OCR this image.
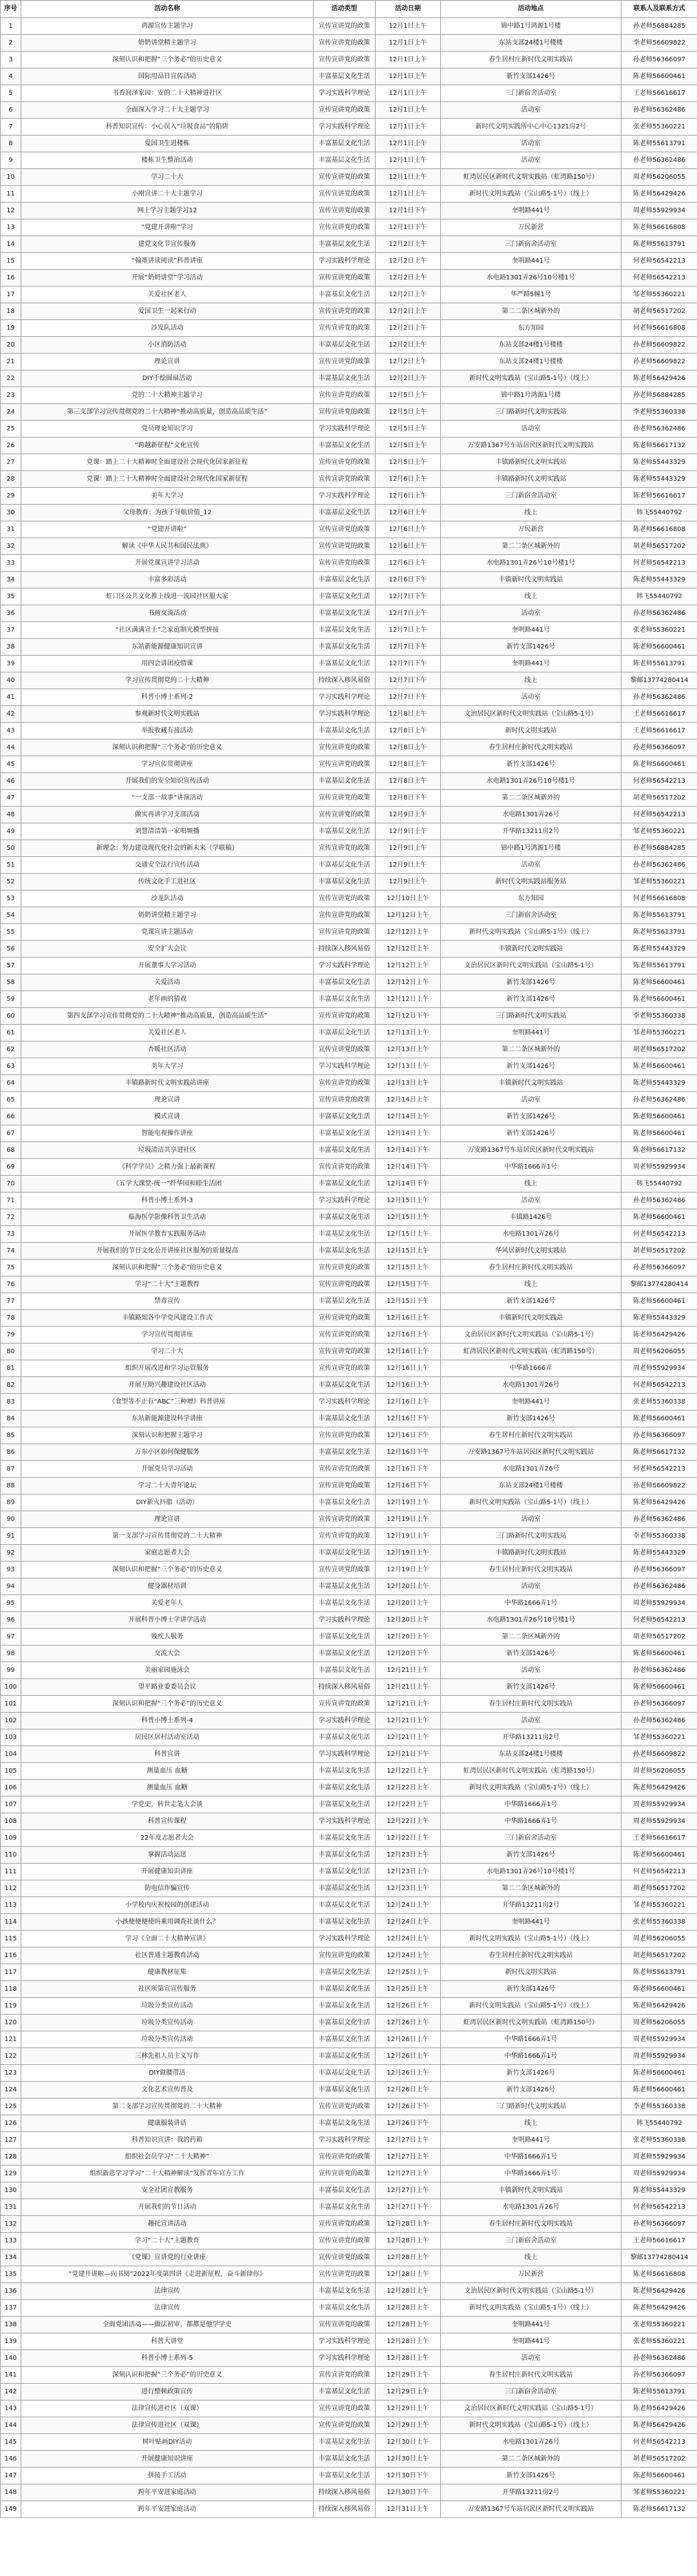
序号	活动名称	活动类型	活动日期	活动地点	联系人及联系方式
1	鸿源宣传主题学习	宣传宣讲党的政策	12月1日上午	锦中路1号鸿源1号楼	孙老师56884285
2	奶奶讲堂精主题学习	宣传宣讲党的政策	12月1日上午	东站支部24楼1号楼楼	李老师56609822
3	深刻认识和把握“三个务必”的历史意义	宣传宣讲党的政策	12月1日上午	春生居村庄新时代文明实践站	孙老师56366097
4	国际用品日宣传活动	丰富基层文化生活	12月1日上午	新竹支部1426号	陈老师56600461
5	书香润泽家园：安的二十大精神进社区	学习实践科学理论	12月1日上午	三门新宿舍活动室	王老师56616617
6	全面深入学习二十大主题学习	宣传宣讲党的政策	12月1日上午	活动室	孙老师56362486
7	科普知识宣传：小心误入“垃圾食品”的陷阱	学习实践科学理论	12月1日上午	新时代文明实践所中心中心1321房2号	张老师55360221
8	爱国卫生进楼栋	丰富基层文化生活	12月1日上午	活动室	陈老师55613791
9	楼栋卫生整治活动	丰富基层文化生活	12月1日上午	活动室	孙老师56362486
10	学习二十大	宣传宣讲党的政策	12月1日上午	虹湾居民区新时代文明实践站（虹湾路150号）	周老师56206055
11	小刚宣讲二十大主题学习	宣传宣讲党的政策	12月1日上午	新时代文明实践站（宝山路5-1号）（线上）	陈老师56429426
12	网上学习主题学习12	宣传宣讲党的政策	12月1日下午	奎明路441号	周老师55929934
13	“党建开讲啦”学习	宣传宣讲党的政策	12月1日下午	万民新营	陈老师56616808
14	建党文化节宣传服务	丰富基层文化生活	12月2日上午	三门新宿舍活动室	陈老师55613791
15	“翰墨讲读阅读”科普讲座	学习实践科学理论	12月2日上午	奎明路441号	何老师56542213
16	开展“奶奶讲堂”学习活动	宣传宣讲党的政策	12月2日上午	水电路1301弄26号10号楼1号	何老师56542213
17	关爱社区老人	丰富基层文化生活	12月2日上午	华严路5幢1号	邹老师55360221
18	爱国卫生一起来行动	宣传宣讲党的政策	12月2日上午	第二二条区城新外的	胡老师56517202
19	沙发队活动	宣传宣讲党的政策	12月2日上午	东方知园	何老师56616808
20	小区消防活动	丰富基层文化生活	12月2日上午	东站支部24楼1号楼楼	孙老师56609822
21	理论宣讲	宣传宣讲党的政策	12月2日上午	东站支部24楼1号楼楼	孙老师56609822
22	DIY手绘圆扇活动	丰富基层文化生活	12月2日上午	新时代文明实践站（宝山路5-1号）（线上）	陈老师56429426
23	党的二十大精神主题学习	宣传宣讲党的政策	12月5日上午	锦中路1号鸿源1号楼	孙老师56884285
24	第三支部学习宣传贯彻党的二十大精神“推动高质量，创造高品质生活”	宣传宣讲党的政策	12月5日上午	三门路新时代文明实践站	李老师55360338
25	党员理论知识学习	学习实践科学理论	12月5日上午	活动室	孙老师56362486
26	“跨越新征程”文化宣传	丰富基层文化生活	12月5日上午	万安路1367号车站居民区新时代文明实践站	陈老师56617132
27	党课：踏上二十大精神时全面建设社会现代化国家新征程	宣传宣讲党的政策	12月5日上午	丰镇路新时代文明实践站	陈老师55443329
28	党课：踏上二十大精神时全面建设社会现代化国家新征程	宣传宣讲党的政策	12月6日上午	丰镇路新时代文明实践站	陈老师55443329
29	美年大学习	学习实践科学理论	12月6日上午	三门新宿舍活动室	陈老师56616617
30	父母教育：为孩子导航价值_12	丰富基层文化生活	12月6日上午	线上	韩飞55440792
31	“党建开讲啦”	宣传宣讲党的政策	12月6日上午	万民新营	陈老师56616808
32	解读《中华人民共和国民法典》	宣传宣讲党的政策	12月6日上午	第二二条区城新外的	胡老师56517202
33	开展党课宣讲学习活动	宣传宣讲党的政策	12月6日上午	水电路1301弄26号10号楼1号	何老师56542213
34	丰富多彩活动	丰富基层文化生活	12月6日下午	丰镇新时代文明实践站	陈老师55443329
35	虹口区公共文化推上线进一流园社区服大家	丰富基层文化生活	12月7日下午	线上	韩飞55440792
36	书画交流活动	丰富基层文化生活	12月7日上午	活动室	孙老师56362486
37	“社区满满宣士”之家庭制光模型拼接	丰富基层文化生活	12月7日上午	奎明路441号	张老师55360221
38	东站新能源健康知识宣讲	丰富基层文化生活	12月7日下午	新竹支部1426号	陈老师56600461
39	用四会讲团疫情课	丰富基层文化生活	12月7日下午	奎明路441号	陈老师55613791
40	学习宣传贯彻党的二十大精神	持续深入移风易俗	12月7日下午	线上	黎邮13774280414
41	科普小博士系列-2	学习实践科学理论	12月7日下午	活动室	孙老师56362486
42	参观新时代文明实践站	学习实践科学理论	12月8日上午	文治居民区新时代文明实践站（宝山路5-1号）	王老师56616617
43	举报收藏有接活动	丰富基层文化生活	12月8日上午	新时代文明实践站	王老师56616617
44	深刻认识和把握“三个务必”的历史意义	宣传宣讲党的政策	12月8日上午	春生居村庄新时代文明实践站	孙老师56366097
45	学习宣传贯彻讲座	宣传宣讲党的政策	12月8日上午	新竹支部1426号	陈老师56600461
46	开展我们的安全知识宣传活动	丰富基层文化生活	12月8日上午	水电路1301弄26号10号楼1号	何老师56542213
47	“一支部一故事”讲演活动	宣传宣讲党的政策	12月8日下午	第二二条区城新外的	胡老师56517202
48	做实再讲学习支部活动	宣传宣讲党的政策	12月9日上午	水电路1301弄26号	何老师56542213
49	刘慧清清第一家唱频播	丰富基层文化生活	12月9日上午	开华路13211房2号	邹老师55360221
50	新理念：努力建设现代化社会的新未来（学联稿）	宣传宣讲党的政策	12月9日上午	锦中路1号鸿源1号楼	孙老师56884285
51	交通安全法行宣传活动	丰富基层文化生活	12月9日上午	活动室	孙老师56362486
52	传统文化手工进社区	丰富基层文化生活	12月9日上午	新时代文明实践站服务站	邹老师55360221
53	沙龙队活动	宣传宣讲党的政策	12月10日上午	东方知园	何老师56616808
54	奶奶讲堂精主题学习	宣传宣讲党的政策	12月12日上午	三门新宿舍活动室	陈老师55613791
55	党课宣讲主题活动	宣传宣讲党的政策	12月12日上午	新时代文明实践站（宝山路5-1号）（线上）	陈老师55613791
56	安全扩大会议	持续深入移风易俗	12月12日上午	丰镇新时代文明实践站	陈老师55443329
57	开展董事大学习活动	学习实践科学理论	12月12日上午	文治居民区新时代文明实践站（宝山路5-1号）	陈老师55613791
58	关爱活动	丰富基层文化生活	12月12日上午	新竹支部1426号	陈老师56600461
59	老年画的猜戏	丰富基层文化生活	12月12日上午	新竹支部1426号	陈老师56600461
60	第四支部学习宣传贯彻党的二十大精神“推动高质量，创造高品质生活”	宣传宣讲党的政策	12月12日下午	三门路新时代文明实践站	李老师55360338
61	关爱社区老人	丰富基层文化生活	12月13日上午	奎明路441号	邹老师55360221
62	杏暖社区活动	宣传宣讲党的政策	12月13日上午	第二二条区城新外的	胡老师56517202
63	美年大学习	学习实践科学理论	12月13日上午	新竹支部1426号	陈老师56600461
64	丰镇路新时代文明实践站讲座	宣传宣讲党的政策	12月13日上午	丰镇新时代文明实践站	陈老师55443329
65	理论宣讲	宣传宣讲党的政策	12月14日上午	活动室	孙老师56362486
66	模式宣讲	丰富基层文化生活	12月14日上午	新竹支部1426号	陈老师56600461
67	智能电视操作讲座	丰富基层文化生活	12月14日上午	新竹支部1426号	陈老师56600461
68	垃圾清洁共享进社区	丰富基层文化生活	12月14日下午	万安路1367号车站居民区新时代文明实践站	陈老师56617132
69	《科学学员》之精力强上最新课程	宣传宣讲党的政策	12月14日下午	中华路1666弄1号	周老师55929934
70	《五学大课堂-统一”纤华园和睦生活团	丰富基层文化生活	12月14日下午	线上	韩飞55440792
71	科普小博士系列-3	学习实践科学理论	12月15日上午	活动室	孙老师56362486
72	临海医学影像科普卫生活动	丰富基层文化生活	12月15日上午	丰镇路1426号	陈老师56600461
73	开展医学教育实践服务活动	丰富基层文化生活	12月15日上午	水电路1301弄26号	何老师56542213
74	开展我们的节日文化公开讲座社区服务的质量提高	丰富基层文化生活	12月15日上午	华风居新时代文明实践站	胡老师56517202
75	深刻认识和把握“三个务必”的历史意义	宣传宣讲党的政策	12月15日上午	春生居村庄新时代文明实践站	孙老师56366097
76	学习“二十大”主题教育	宣传宣讲党的政策	12月15日下午	线上	黎邮13774280414
77	禁毒宣传	丰富基层文化生活	12月15日下午	新竹支部1426号	陈老师56600461
78	丰镇路知各中学党风建设工作式	宣传宣讲党的政策	12月16日上午	丰镇新时代文明实践站	陈老师55443329
79	学习宣传贯彻讲座	宣传宣讲党的政策	12月16日上午	文治居民区新时代文明实践站（宝山路5-1号）	陈老师56429426
80	学习二十大	宣传宣讲党的政策	12月16日上午	虹湾居民区新时代文明实践站（虹湾路150号）	周老师56206055
81	组织开展改进和学习运管服务	宣传宣讲党的政策	12月16日上午	中华路1666弄	周老师55929934
82	开展互助兴趣建设社区活动	丰富基层文化生活	12月16日上午	水电路1301弄26号	何老师56542213
83	《食型等不止有“ABC”三种增》科普讲座	学习实践科学理论	12月16日上午	奎明路441号	张老师55360338
84	东站新能源建设科学讲座	丰富基层文化生活	12月16日下午	新竹支部1426号	陈老师56600461
85	深刻认识和把握主题学习	宣传宣讲党的政策	12月16日下午	春生居村庄新时代文明实践站	孙老师56366097
86	万东小区如何保健服务	丰富基层文化生活	12月16日下午	万安路1367号车站居民区新时代文明实践站	陈老师56617132
87	开展党员学习活动	宣传宣讲党的政策	12月16日下午	水电路1301弄26号	何老师56542213
88	学习二十大青年论坛	宣传宣讲党的政策	12月16日下午	东站支部24楼1号楼楼	孙老师56609822
89	DIY新火抖脂（活动）	丰富基层文化生活	12月19日上午	新时代文明实践站（宝山路5-1号）（线上）	陈老师56429426
90	理论宣讲	宣传宣讲党的政策	12月19日上午	活动室	孙老师56362486
91	第一支部学习宣传贯彻党的二十大精神	宣传宣讲党的政策	12月19日上午	三门路新时代文明实践站	李老师55360338
92	家庭志愿者大会	丰富基层文化生活	12月19日上午	丰镇路新时代文明实践站	陈老师55443329
93	深刻认识和把握“三个务必”的历史意义	宣传宣讲党的政策	12月19日上午	春生居村庄新时代文明实践站	孙老师56366097
94	健身器材培训	丰富基层文化生活	12月20日上午	活动室	孙老师56362486
95	关爱老年人	丰富基层文化生活	12月20日上午	中华路1666弄1号	周老师55929934
96	开展科普小博士学讲学活动	学习实践科学理论	12月20日上午	水电路1301弄26号10号楼1号	何老师56542213
97	残疾人服务	丰富基层文化生活	12月20日上午	第二二条区城新外的	胡老师56517202
98	交流大会	丰富基层文化生活	12月20日下午	新竹支部1426号	陈老师56600461
99	美丽家园施泳会	丰富基层文化生活	12月21日上午	活动室	孙老师56362486
100	望平路业委委员会议	持续深入移风易俗	12月21日上午	新竹支部1426号	陈老师56600461
101	深刻认识和把握“三个务必”的历史意义	宣传宣讲党的政策	12月21日上午	春生居村庄新时代文明实践站	孙老师56366097
102	科普小博士系列-4	学习实践科学理论	12月21日上午	活动室	孙老师56362486
103	居民区居村活动室活动	丰富基层文化生活	12月21日上午	开华路13211房2号	邹老师55360221
104	科普宣讲	学习实践科学理论	12月21日下午	东站支部24楼1号楼楼	孙老师56609822
105	测量血压 血糖	丰富基层文化生活	12月22日上午	虹湾居民区新时代文明实践站（虹湾路150号）	周老师56206055
106	测量血压 血糖	丰富基层文化生活	12月22日上午	新时代文明实践站（宝山路5-1号）（线上）	陈老师56429426
107	学党史，转世走笔大会谈	丰富基层文化生活	12月22日上午	中华路1666弄1号	周老师55929934
108	科普宣传课程	学习实践科学理论	12月22日上午	中华路1666弄1号	周老师55929934
109	22年度志愿者大会	丰富基层文化生活	12月22日上午	三门新宿舍活动室	王老师56616617
110	掌握活动运送	丰富基层文化生活	12月23日上午	新竹支部1426号	陈老师56600461
111	开展健康知识讲座	丰富基层文化生活	12月23日上午	水电路1301弄26号10号楼1号	何老师56542213
112	防电信诈骗宣传	丰富基层文化生活	12月23日上午	第二二条区城新外的	胡老师56517202
113	小学校内庆祝校园的创建活动	丰富基层文化生活	12月24日上午	开华路13211房2号	邹老师55360221
114	小孩便便便使吗乘用调查社谈什么？	丰富基层文化生活	12月24日上午	奎明路441号	张老师55360338
115	学习《全面二十大精神宣讲》	学习实践科学理论	12月24日上午	新时代文明实践站（宝山路5-1号）（线上）	周老师56206055
116	社区普通主题教育活动	宣传宣讲党的政策	12月24日上午	春生居村庄新时代文明实践站	胡老师56517202
117	健康教材征集	丰富基层文化生活	12月25日上午	新时代文明实践站	陈老师55613791
118	社区所第宣宣传服务	丰富基层文化生活	12月25日上午	新竹支部1426号	陈老师56600461
119	垃圾分类宣传活动	丰富基层文化生活	12月26日上午	新时代文明实践站（宝山路5-1号）（线上）	陈老师56429426
120	垃圾分类宣传活动	丰富基层文化生活	12月26日上午	虹湾居民区新时代文明实践站（虹湾路150号）	周老师56206055
121	垃圾分类宣传活动	丰富基层文化生活	12月26日上午	中华路1666弄1号	周老师55929934
122	三林先祖人员主义写作	丰富基层文化生活	12月26日上午	中华路1666弄1号	周老师55929934
123	DIY做腰带活	丰富基层文化生活	12月26日上午	新竹支部1426号	陈老师56600461
124	文化艺术宣传普及	丰富基层文化生活	12月26日上午	新竹支部1426号	陈老师56600461
125	第二支部学习宣传贯彻党的二十大精神	宣传宣讲党的政策	12月26日下午	三门路新时代文明实践站	李老师55360338
126	健康服装讲话	丰富基层文化生活	12月26日下午	线上	韩飞55440792
127	科普知识宣讲：我的药箱	学习实践科学理论	12月27日上午	奎明路441号	张老师55360338
128	组织社会员学习“二十大精神”	宣传宣讲党的政策	12月27日上午	中华路1666弄1号	周老师55929934
129	组织新恩学习学习“二十大精神解读”发挥青年官方工作	宣传宣讲党的政策	12月27日上午	中华路1666弄1号	周老师55929934
130	安全社团宣教服务	丰富基层文化生活	12月27日上午	丰镇新时代文明实践站	陈老师55443329
131	开展我们的节日活动	丰富基层文化生活	12月27日下午	水电路1301弄26号	何老师56542213
132	趣托宣讲活动	宣传宣讲党的政策	12月28日上午	春生居村庄新时代文明实践站	孙老师56366097
133	学习“二十大”主题教育	宣传宣讲党的政策	12月28日上午	三门新宿舍活动室	王老师56616617
134	《党课》宣讲党的行业讲座	宣传宣讲党的政策	12月28日上午	线上	黎邮13774280414
135	“党建开讲啦—向书阅”2022年度第四讲《走进新征程，奋斗新律你》	宣传宣讲党的政策	12月28日上午	万民新营	陈老师56616808
136	法律宣传	丰富基层文化生活	12月28日上午	文治居民区新时代文明实践站（宝山路5-1号）	陈老师56429426
137	法律宣传	丰富基层文化生活	12月28日上午	新时代文明实践站（宝山路5-1号）（线上）	陈老师56429426
138	全面党团活动——做法初审，都都是他学学史	宣传宣讲党的政策	12月28日上午	奎明路441号	张老师55360221
139	科普大讲堂	学习实践科学理论	12月28日上午	奎明路441号	张老师55360221
140	科普小博士系列-5	学习实践科学理论	12月28日上午	活动室	孙老师56362486
141	深刻认识和把握“三个务必”的历史意义	宣传宣讲党的政策	12月29日上午	春生居村庄新时代文明实践站	孙老师56366097
142	进行整顿政策宣传	丰富基层文化生活	12月29日上午	三门新宿舍活动室	陈老师55613791
143	法律宣传进社区（双课）	宣传宣讲党的政策	12月29日上午	文治居民区新时代文明实践站（宝山路5-1号）	陈老师56429426
144	法律宣传进社区（双课）	宣传宣讲党的政策	12月29日上午	新时代文明实践站（宝山路5-1号）（线上）	陈老师56429426
145	树叶贴画DIY活动	丰富基层文化生活	12月30日上午	水电路1301弄26号	何老师56542213
146	开展健康知识讲座	丰富基层文化生活	12月30日上午	第二二条区城新外的	胡老师56517202
147	拼接手工活动	丰富基层文化生活	12月30日下午	新竹支部1426号	陈老师56600461
148	跨年平安进家庭活动	持续深入移风易俗	12月30日下午	开华路13211房2号	邹老师55360221
149	跨年平安进家庭活动	持续深入移风易俗	12月31日上午	万安路1367号车站居民区新时代文明实践站	陈老师56617132
